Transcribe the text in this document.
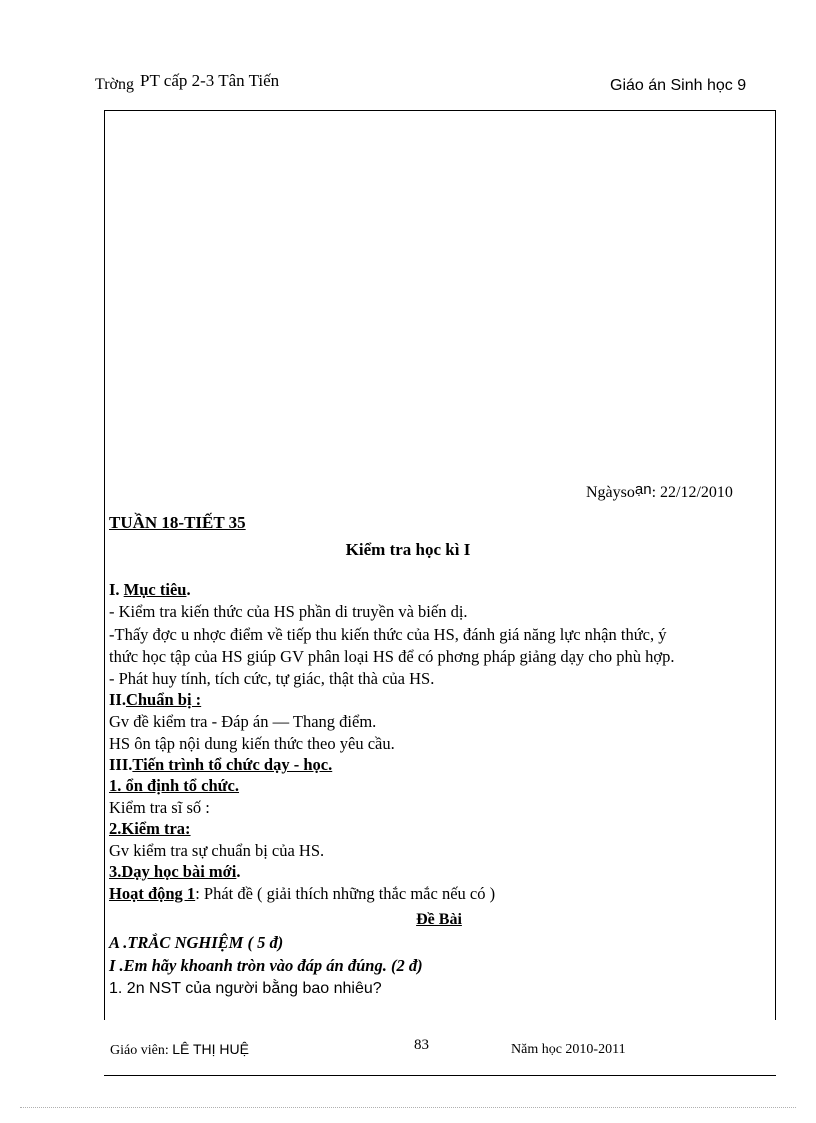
Trờng PT cấp 2-3 Tân Tiến	Giáo án Sinh học 9
Ngàysoạn: 22/12/2010
TUẦN 18-TIẾT 35
Kiểm tra học kì I
I. Mục tiêu.
- Kiểm tra kiến thức của HS phần di truyền và biến dị.
-Thấy đợc u nhợc điểm về tiếp thu kiến thức của HS, đánh giá năng lực nhận thức, ý
thức học tập của HS giúp GV phân loại HS để có phơng pháp giảng dạy cho phù hợp.
- Phát huy tính, tích cức, tự giác, thật thà của HS.
II.Chuẩn bị :
Gv đề kiểm tra - Đáp án — Thang điểm.
HS ôn tập nội dung kiến thức theo yêu cầu.
III.Tiến trình tổ chức dạy - học.
1. ổn định tổ chức.
Kiểm tra sĩ số :
2.Kiểm tra:
Gv kiểm tra sự chuẩn bị của HS.
3.Dạy học bài mới.
Hoạt động 1: Phát đề ( giải thích những thắc mắc nếu có )
Đề Bài
A .TRẮC NGHIỆM ( 5 đ)
I .Em hãy khoanh tròn vào đáp án đúng. (2 đ)
1. 2n NST của người bằng bao nhiêu?
Giáo viên: LÊ THỊ HUỆ	83	Năm học 2010-2011
